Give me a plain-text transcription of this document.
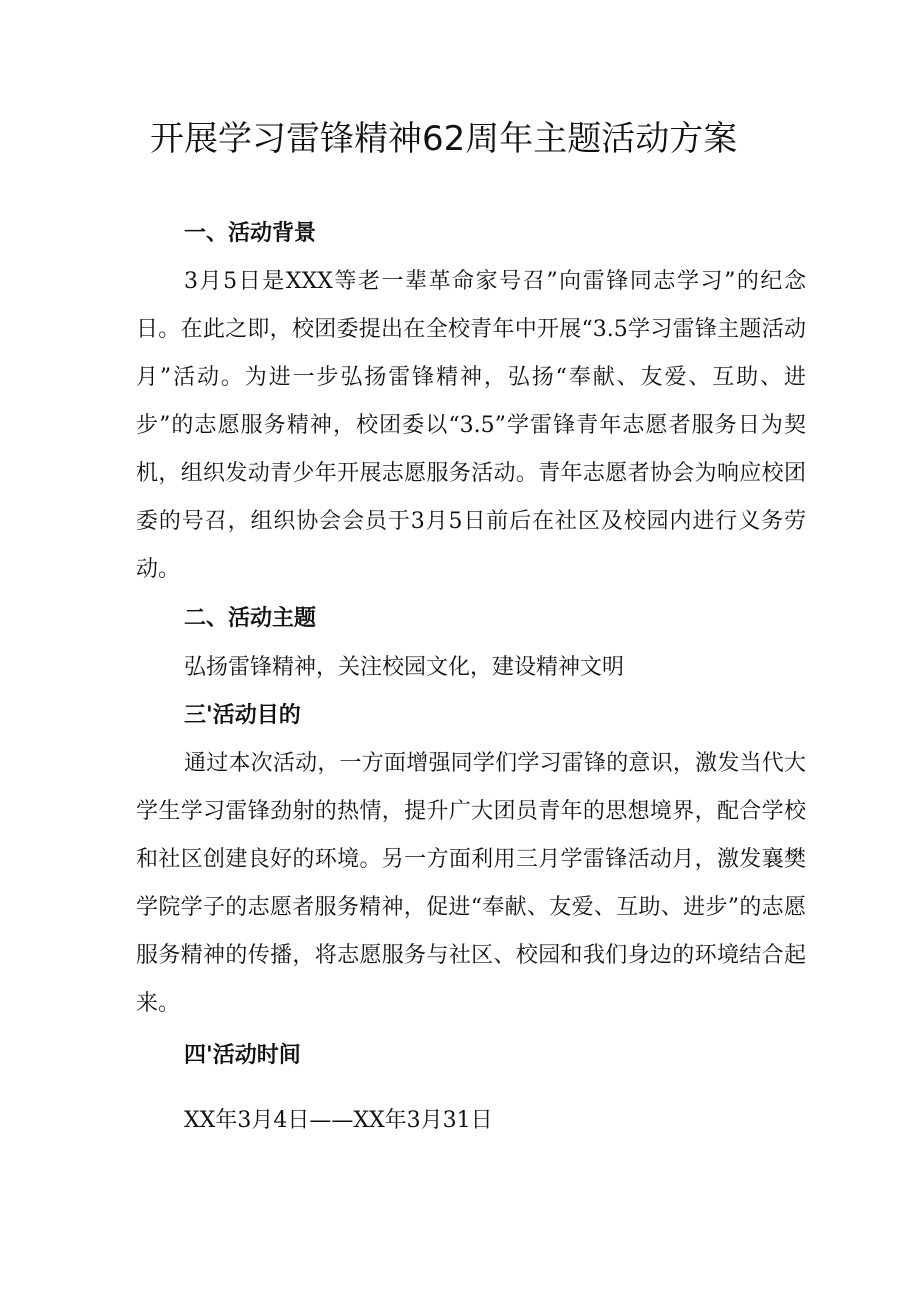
开展学习雷锋精神62周年主题活动方案
一、活动背景

3月5日是XXX等老一辈革命家号召”向雷锋同志学习”的纪念日。在此之即，校团委提出在全校青年中开展“3.5学习雷锋主题活动月”活动。为进一步弘扬雷锋精神，弘扬“奉献、友爱、互助、进步”的志愿服务精神，校团委以“3.5”学雷锋青年志愿者服务日为契机，组织发动青少年开展志愿服务活动。青年志愿者协会为响应校团委的号召，组织协会会员于3月5日前后在社区及校园内进行义务劳动。

二、活动主题

弘扬雷锋精神，关注校园文化，建设精神文明

三'活动目的

通过本次活动，一方面增强同学们学习雷锋的意识，激发当代大学生学习雷锋劲射的热情，提升广大团员青年的思想境界，配合学校和社区创建良好的环境。另一方面利用三月学雷锋活动月，激发襄樊学院学子的志愿者服务精神，促进“奉献、友爱、互助、进步”的志愿服务精神的传播，将志愿服务与社区、校园和我们身边的环境结合起来。

四'活动时间

XX年3月4日——XX年3月31日
